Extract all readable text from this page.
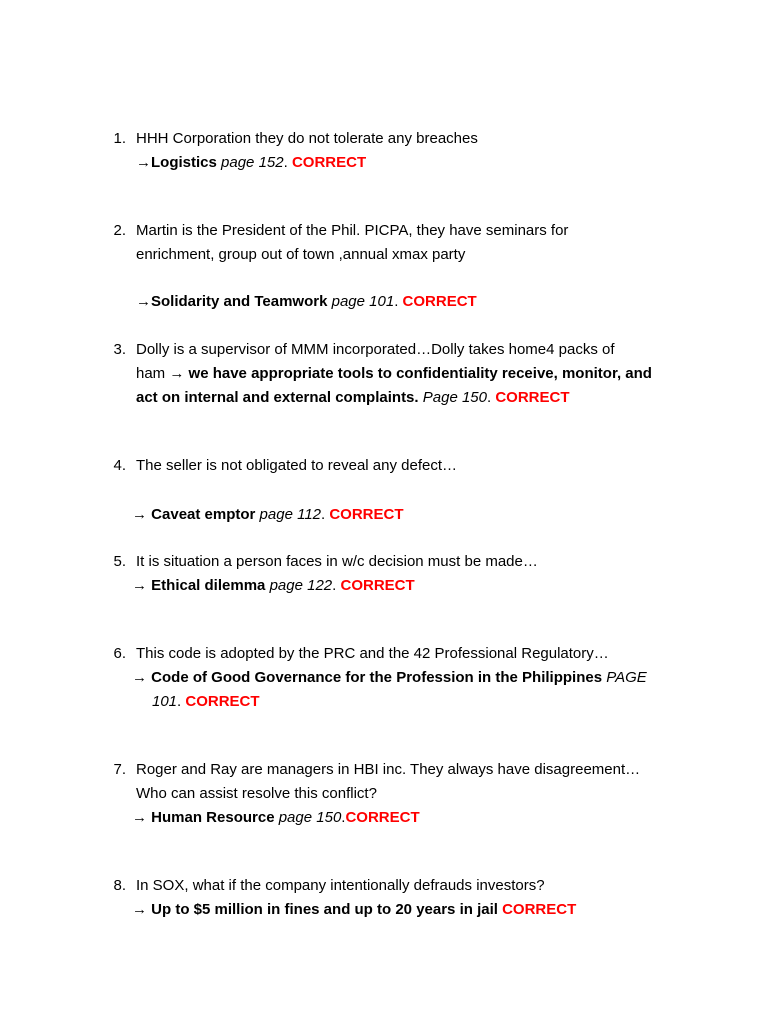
1. HHH Corporation they do not tolerate any breaches
→Logistics page 152. CORRECT
2. Martin is the President of the Phil. PICPA, they have seminars for
enrichment, group out of town ,annual xmax party
→Solidarity and Teamwork page 101. CORRECT
3. Dolly is a supervisor of MMM incorporated…Dolly takes home4 packs of
ham → we have appropriate tools to confidentiality receive, monitor, and
act on internal and external complaints. Page 150. CORRECT
4. The seller is not obligated to reveal any defect…
→ Caveat emptor page 112. CORRECT
5. It is situation a person faces in w/c decision must be made…
→ Ethical dilemma page 122. CORRECT
6. This code is adopted by the PRC and the 42 Professional Regulatory…
→ Code of Good Governance for the Profession in the Philippines PAGE
101. CORRECT
7. Roger and Ray are managers in HBI inc. They always have disagreement…
Who can assist resolve this conflict?
→ Human Resource page 150.CORRECT
8. In SOX, what if the company intentionally defrauds investors?
→ Up to $5 million in fines and up to 20 years in jail CORRECT
